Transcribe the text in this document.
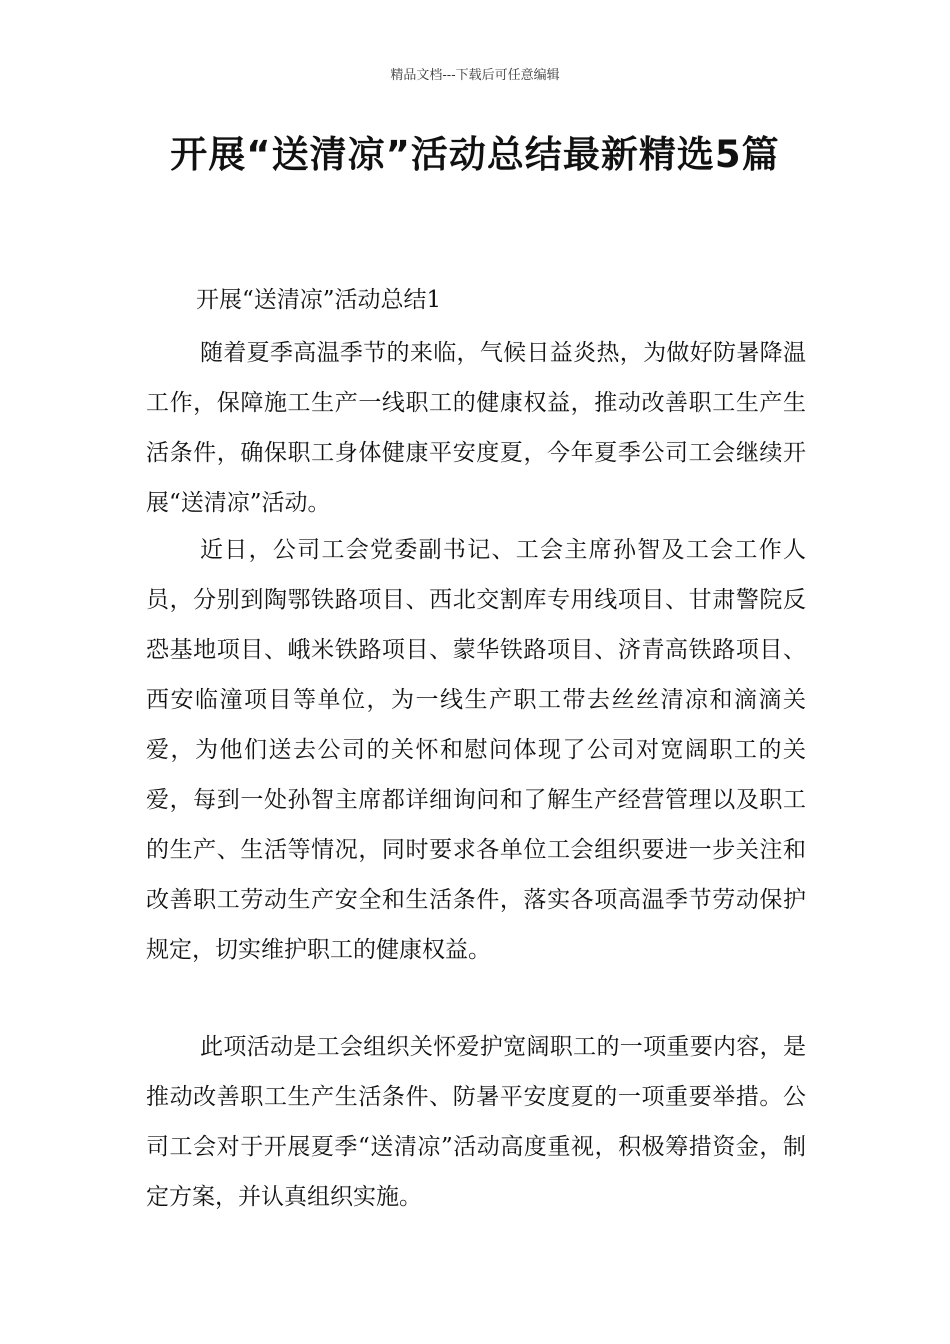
精品文档---下载后可任意编辑
开展“送清凉”活动总结最新精选5篇
开展“送清凉”活动总结1

随着夏季高温季节的来临，气候日益炎热，为做好防暑降温工作，保障施工生产一线职工的健康权益，推动改善职工生产生活条件，确保职工身体健康平安度夏，今年夏季公司工会继续开展“送清凉”活动。

近日，公司工会党委副书记、工会主席孙智及工会工作人员，分别到陶鄂铁路项目、西北交割库专用线项目、甘肃警院反恐基地项目、峨米铁路项目、蒙华铁路项目、济青高铁路项目、西安临潼项目等单位，为一线生产职工带去丝丝清凉和滴滴关爱，为他们送去公司的关怀和慰问体现了公司对宽阔职工的关爱，每到一处孙智主席都详细询问和了解生产经营管理以及职工的生产、生活等情况，同时要求各单位工会组织要进一步关注和改善职工劳动生产安全和生活条件，落实各项高温季节劳动保护规定，切实维护职工的健康权益。

此项活动是工会组织关怀爱护宽阔职工的一项重要内容，是推动改善职工生产生活条件、防暑平安度夏的一项重要举措。公司工会对于开展夏季“送清凉”活动高度重视，积极筹措资金，制定方案，并认真组织实施。
